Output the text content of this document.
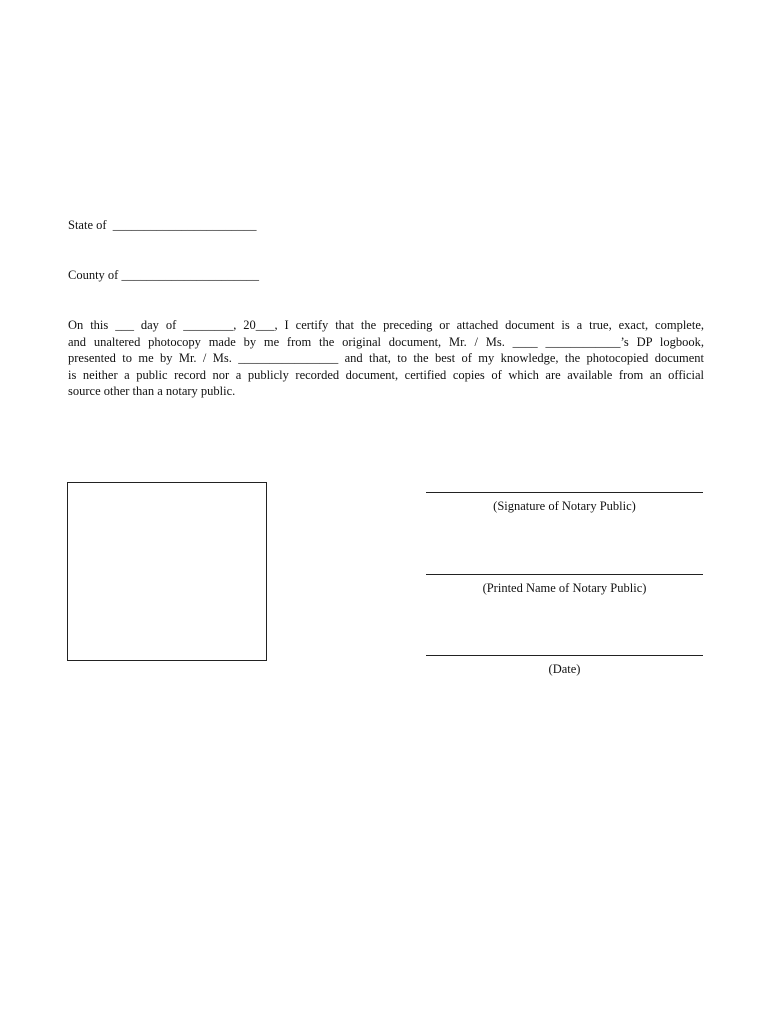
State of  _______________________

County of ______________________

On this ___ day of ________, 20___, I certify that the preceding or attached document is a true, exact, complete,
and unaltered photocopy made by me from the original document, Mr. / Ms. ____ ____________’s DP logbook,
presented to me by Mr. / Ms. ________________ and that, to the best of my knowledge, the photocopied document
is neither a public record nor a publicly recorded document, certified copies of which are available from an official
source other than a notary public.
(Signature of Notary Public)
(Printed Name of Notary Public)
(Date)
